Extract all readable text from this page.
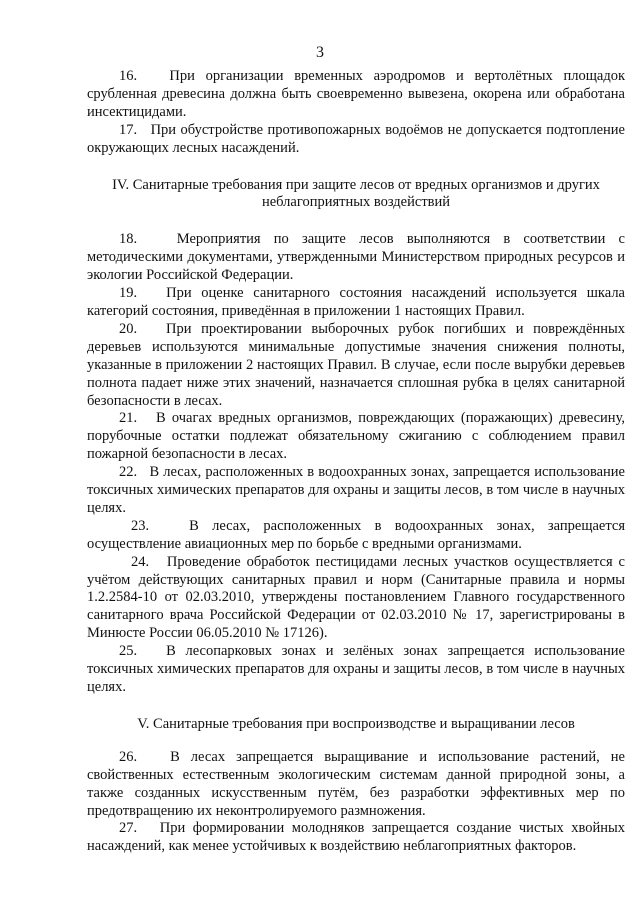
3

16.   При организации временных аэродромов и вертолётных площадок срубленная древесина должна быть своевременно вывезена, окорена или обработана инсектицидами.

17.   При обустройстве противопожарных водоёмов не допускается подтопление окружающих лесных насаждений.

IV. Санитарные требования при защите лесов от вредных организмов и других неблагоприятных воздействий

18.   Мероприятия по защите лесов выполняются в соответствии с методическими документами, утвержденными Министерством природных ресурсов и экологии Российской Федерации.

19.   При оценке санитарного состояния насаждений используется шкала категорий состояния, приведённая в приложении 1 настоящих Правил.

20.   При проектировании выборочных рубок погибших и повреждённых деревьев используются минимальные допустимые значения снижения полноты, указанные в приложении 2 настоящих Правил. В случае, если после вырубки деревьев полнота падает ниже этих значений, назначается сплошная рубка в целях санитарной безопасности в лесах.

21.   В очагах вредных организмов, повреждающих (поражающих) древесину, порубочные остатки подлежат обязательному сжиганию с соблюдением правил пожарной безопасности в лесах.

22.   В лесах, расположенных в водоохранных зонах, запрещается использование токсичных химических препаратов для охраны и защиты лесов, в том числе в научных целях.

23.   В лесах, расположенных в водоохранных зонах, запрещается осуществление авиационных мер по борьбе с вредными организмами.

24.   Проведение обработок пестицидами лесных участков осуществляется с учётом действующих санитарных правил и норм (Санитарные правила и нормы 1.2.2584-10 от 02.03.2010, утверждены постановлением Главного государственного санитарного врача Российской Федерации от 02.03.2010 № 17, зарегистрированы в Минюсте России 06.05.2010 № 17126).

25.   В лесопарковых зонах и зелёных зонах запрещается использование токсичных химических препаратов для охраны и защиты лесов, в том числе в научных целях.

V. Санитарные требования при воспроизводстве и выращивании лесов

26.   В лесах запрещается выращивание и использование растений, не свойственных естественным экологическим системам данной природной зоны, а также созданных искусственным путём, без разработки эффективных мер по предотвращению их неконтролируемого размножения.

27.   При формировании молодняков запрещается создание чистых хвойных насаждений, как менее устойчивых к воздействию неблагоприятных факторов.
